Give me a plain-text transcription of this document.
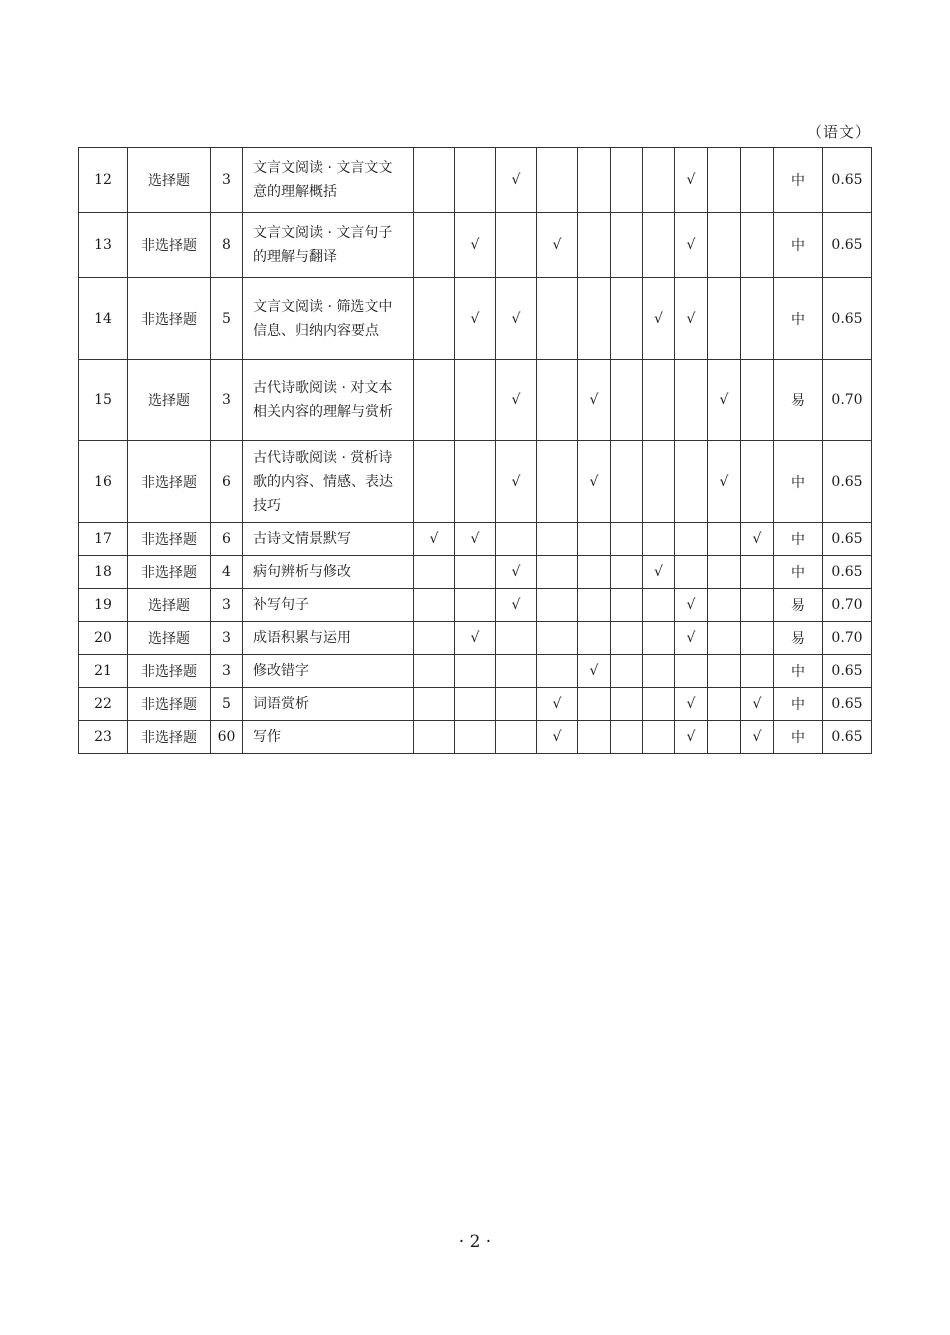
（语文）
12	选择题	3	文言文阅读 · 文言文文意的理解概括			√					√			中	0.65
13	非选择题	8	文言文阅读 · 文言句子的理解与翻译		√		√				√			中	0.65
14	非选择题	5	文言文阅读 · 筛选文中信息、归纳内容要点		√	√				√	√			中	0.65
15	选择题	3	古代诗歌阅读 · 对文本相关内容的理解与赏析			√		√				√		易	0.70
16	非选择题	6	古代诗歌阅读 · 赏析诗歌的内容、情感、表达技巧			√		√				√		中	0.65
17	非选择题	6	古诗文情景默写	√	√								√	中	0.65
18	非选择题	4	病句辨析与修改			√				√				中	0.65
19	选择题	3	补写句子			√					√			易	0.70
20	选择题	3	成语积累与运用		√						√			易	0.70
21	非选择题	3	修改错字					√						中	0.65
22	非选择题	5	词语赏析				√				√		√	中	0.65
23	非选择题	60	写作				√				√		√	中	0.65
· 2 ·
